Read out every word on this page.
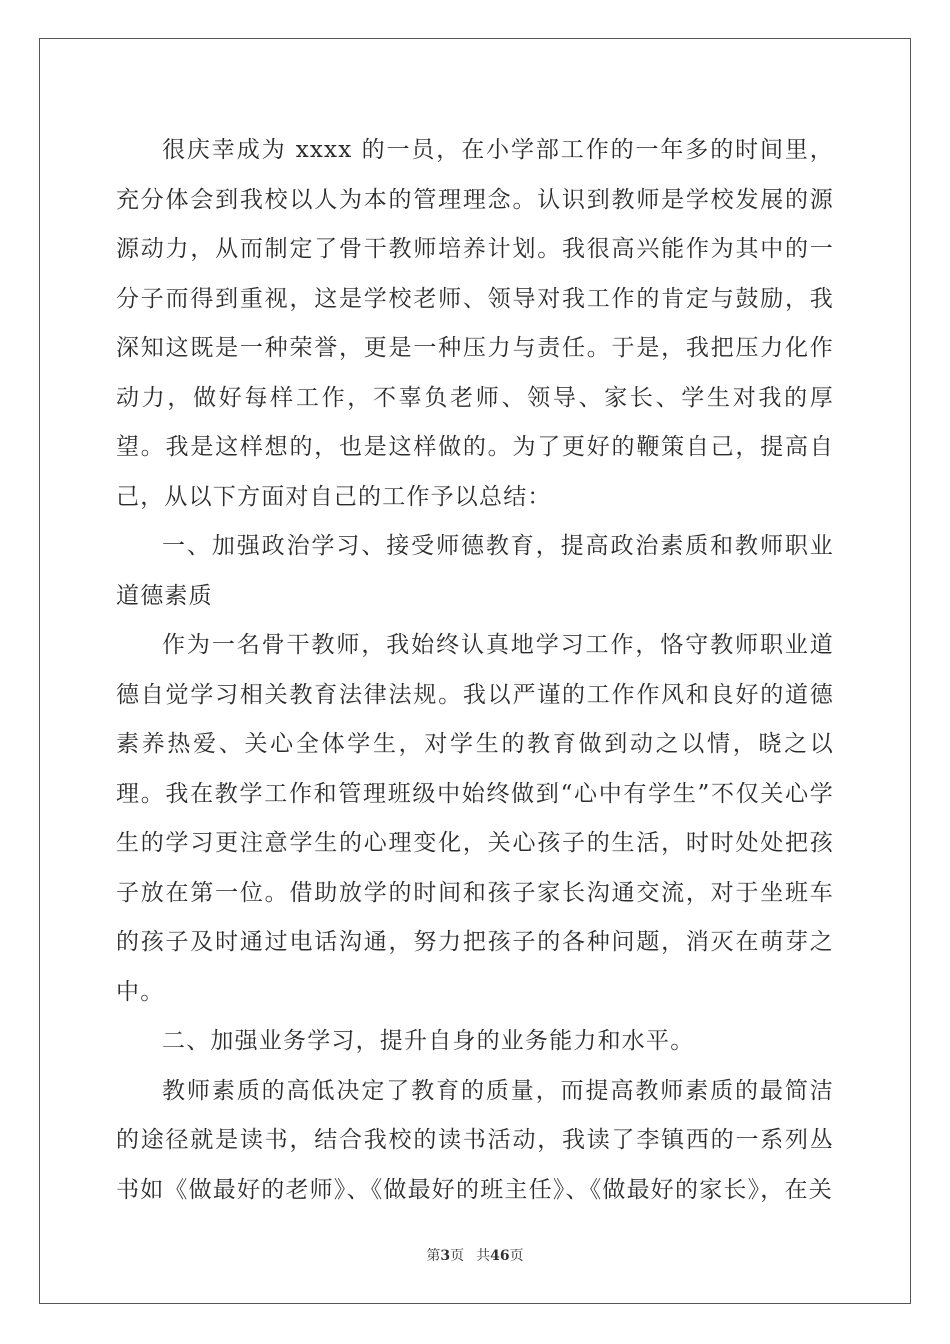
很庆幸成为 xxxx 的一员，在小学部工作的一年多的时间里，充分体会到我校以人为本的管理理念。认识到教师是学校发展的源源动力，从而制定了骨干教师培养计划。我很高兴能作为其中的一分子而得到重视，这是学校老师、领导对我工作的肯定与鼓励，我深知这既是一种荣誉，更是一种压力与责任。于是，我把压力化作动力，做好每样工作，不辜负老师、领导、家长、学生对我的厚望。我是这样想的，也是这样做的。为了更好的鞭策自己，提高自己，从以下方面对自己的工作予以总结：

一、加强政治学习、接受师德教育，提高政治素质和教师职业道德素质

作为一名骨干教师，我始终认真地学习工作，恪守教师职业道德自觉学习相关教育法律法规。我以严谨的工作作风和良好的道德素养热爱、关心全体学生，对学生的教育做到动之以情，晓之以理。我在教学工作和管理班级中始终做到“心中有学生”不仅关心学生的学习更注意学生的心理变化，关心孩子的生活，时时处处把孩子放在第一位。借助放学的时间和孩子家长沟通交流，对于坐班车的孩子及时通过电话沟通，努力把孩子的各种问题，消灭在萌芽之中。

二、加强业务学习，提升自身的业务能力和水平。

教师素质的高低决定了教育的质量，而提高教师素质的最简洁的途径就是读书，结合我校的读书活动，我读了李镇西的一系列丛书如《做最好的老师》、《做最好的班主任》、《做最好的家长》，在关

第3页 共46页
